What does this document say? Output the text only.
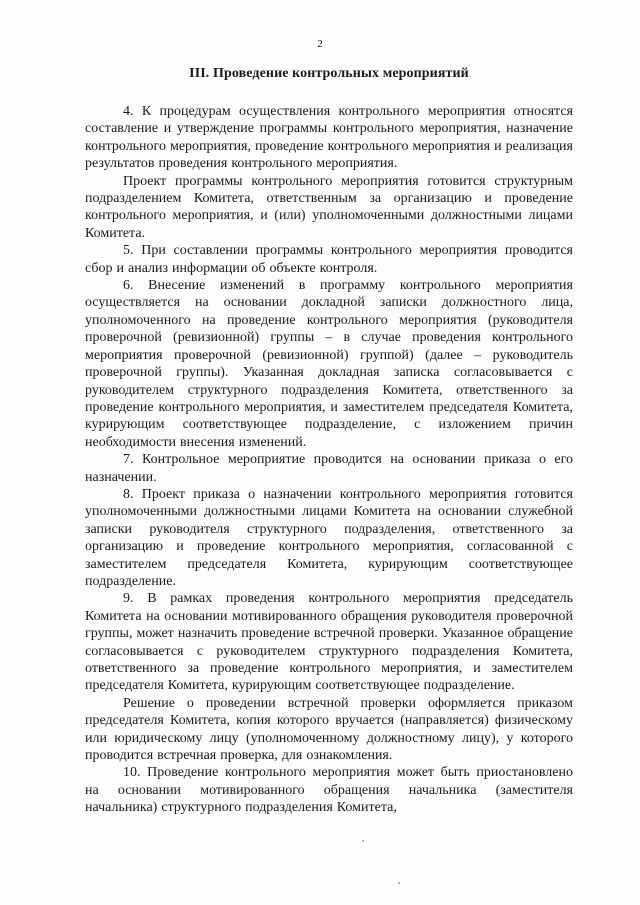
2
III. Проведение контрольных мероприятий

4. К процедурам осуществления контрольного мероприятия относятся составление и утверждение программы контрольного мероприятия, назначение контрольного мероприятия, проведение контрольного мероприятия и реализация результатов проведения контрольного мероприятия.

Проект программы контрольного мероприятия готовится структурным подразделением Комитета, ответственным за организацию и проведение контрольного мероприятия, и (или) уполномоченными должностными лицами Комитета.

5. При составлении программы контрольного мероприятия проводится сбор и анализ информации об объекте контроля.

6. Внесение изменений в программу контрольного мероприятия осуществляется на основании докладной записки должностного лица, уполномоченного на проведение контрольного мероприятия (руководителя проверочной (ревизионной) группы – в случае проведения контрольного мероприятия проверочной (ревизионной) группой) (далее – руководитель проверочной группы). Указанная докладная записка согласовывается с руководителем структурного подразделения Комитета, ответственного за проведение контрольного мероприятия, и заместителем председателя Комитета, курирующим соответствующее подразделение, с изложением причин необходимости внесения изменений.

7. Контрольное мероприятие проводится на основании приказа о его назначении.

8. Проект приказа о назначении контрольного мероприятия готовится уполномоченными должностными лицами Комитета на основании служебной записки руководителя структурного подразделения, ответственного за организацию и проведение контрольного мероприятия, согласованной с заместителем председателя Комитета, курирующим соответствующее подразделение.

9. В рамках проведения контрольного мероприятия председатель Комитета на основании мотивированного обращения руководителя проверочной группы, может назначить проведение встречной проверки. Указанное обращение согласовывается с руководителем структурного подразделения Комитета, ответственного за проведение контрольного мероприятия, и заместителем председателя Комитета, курирующим соответствующее подразделение.

Решение о проведении встречной проверки оформляется приказом председателя Комитета, копия которого вручается (направляется) физическому или юридическому лицу (уполномоченному должностному лицу), у которого проводится встречная проверка, для ознакомления.

10. Проведение контрольного мероприятия может быть приостановлено на основании мотивированного обращения начальника (заместителя начальника) структурного подразделения Комитета,
